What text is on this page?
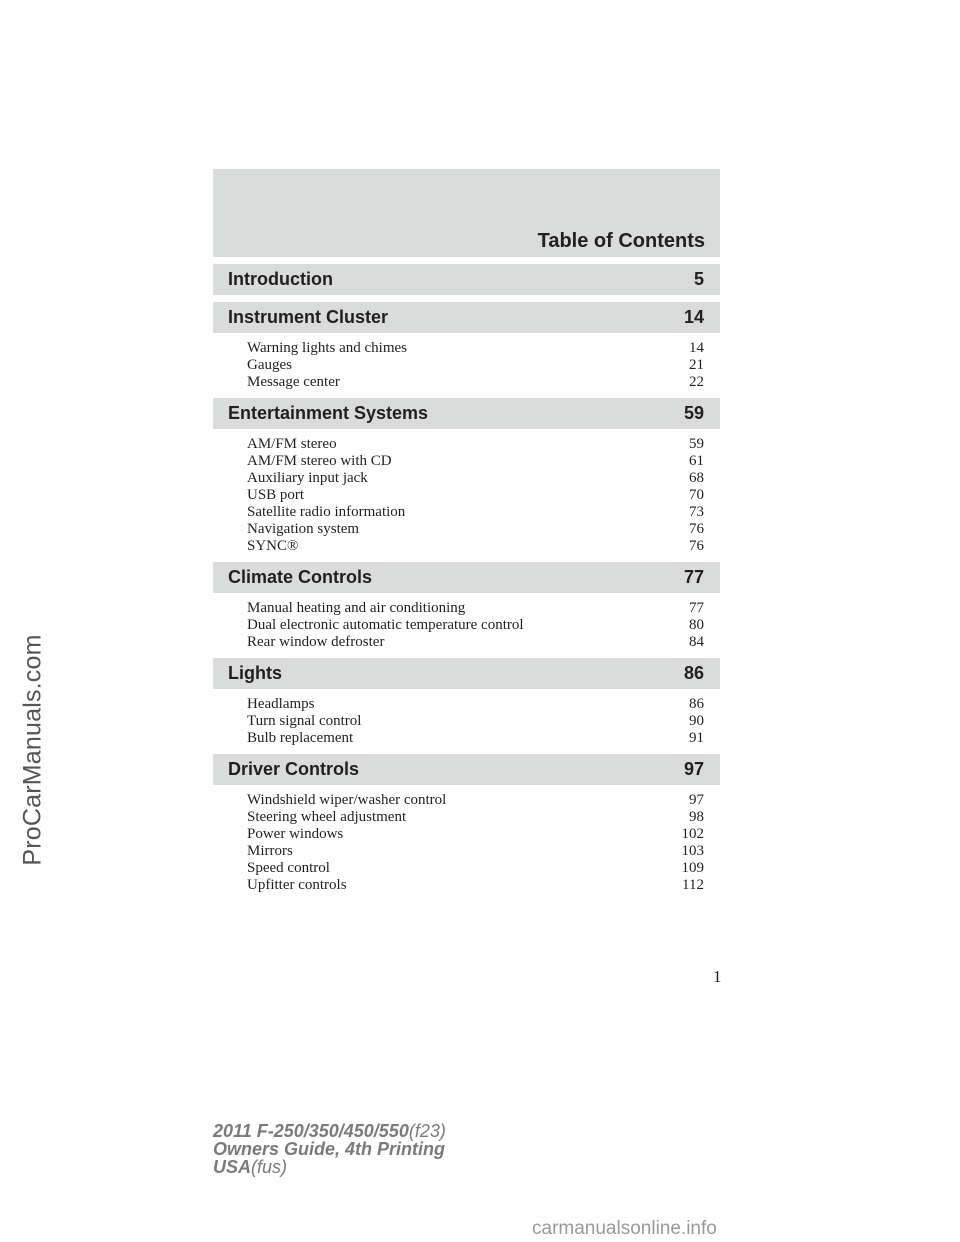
ProCarManuals.com
Table of Contents
Introduction	5
Instrument Cluster	14
Warning lights and chimes	14
Gauges	21
Message center	22
Entertainment Systems	59
AM/FM stereo	59
AM/FM stereo with CD	61
Auxiliary input jack	68
USB port	70
Satellite radio information	73
Navigation system	76
SYNC®	76
Climate Controls	77
Manual heating and air conditioning	77
Dual electronic automatic temperature control	80
Rear window defroster	84
Lights	86
Headlamps	86
Turn signal control	90
Bulb replacement	91
Driver Controls	97
Windshield wiper/washer control	97
Steering wheel adjustment	98
Power windows	102
Mirrors	103
Speed control	109
Upfitter controls	112
1
2011 F-250/350/450/550(f23)
Owners Guide, 4th Printing
USA(fus)
carmanualsonline.info
